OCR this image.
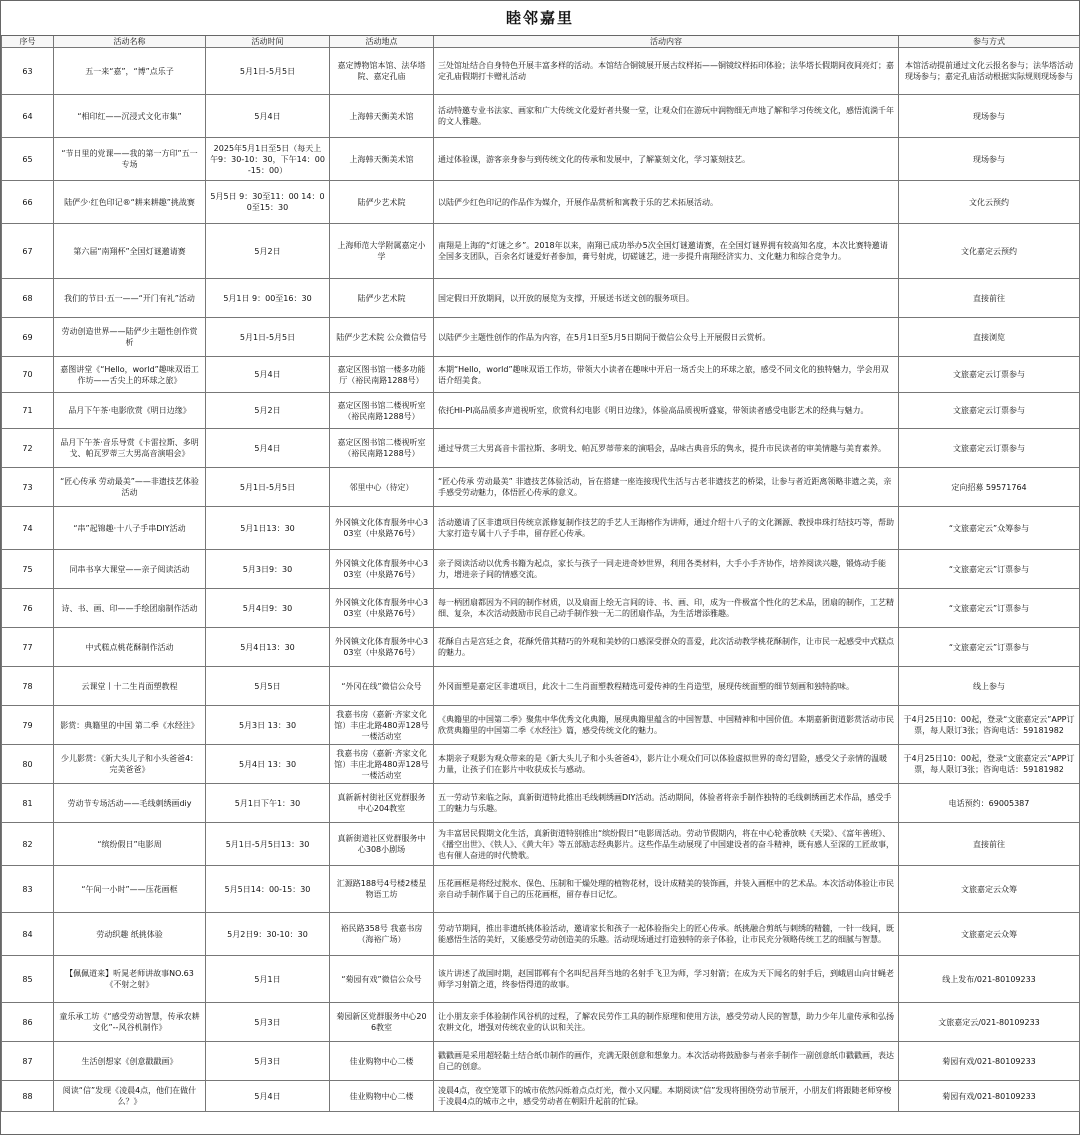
睦邻嘉里
序号	活动名称	活动时间	活动地点	活动内容	参与方式
63	五一来“嘉”，“博”点乐子	5月1日-5月5日	嘉定博物馆本馆、法华塔院、嘉定孔庙	三处馆址结合自身特色开展丰富多样的活动。本馆结合铜镜展开展古纹样拓——铜镜纹样拓印体验；法华塔长假期间夜间亮灯；嘉定孔庙假期打卡赠礼活动	本馆活动提前通过文化云报名参与；法华塔活动现场参与；嘉定孔庙活动根据实际规则现场参与
64	“相印红——沉浸式文化市集”	5月4日	上海韩天衡美术馆	活动特邀专业书法家、画家和广大传统文化爱好者共聚一堂，让观众们在游玩中润物细无声地了解和学习传统文化，感悟流淌千年的文人雅趣。	现场参与
65	“节日里的党课——我的第一方印”五一专场	2025年5月1日至5日（每天上午9：30-10：30，下午14：00-15：00）	上海韩天衡美术馆	通过体验课，游客亲身参与到传统文化的传承和发展中，了解篆刻文化，学习篆刻技艺。	现场参与
66	陆俨少·红色印记®“耕来耕趣”挑战赛	5月5日 9：30至11：00 14：00至15：30	陆俨少艺术院	以陆俨少红色印记的作品作为媒介，开展作品赏析和寓教于乐的艺术拓展活动。	文化云预约
67	第六届“南翔杯”全国灯谜邀请赛	5月2日	上海师范大学附属嘉定小学	南翔是上海的“灯谜之乡”。2018年以来，南翔已成功举办5次全国灯谜邀请赛，在全国灯谜界拥有较高知名度，本次比赛特邀请全国多支团队，百余名灯谜爱好者参加，膏号射虎，切磋谜艺，进一步提升南翔经济实力、文化魅力和综合竞争力。	文化嘉定云预约
68	我们的节日·五一——“开门有礼”活动	5月1日 9：00至16：30	陆俨少艺术院	国定假日开放期间，以开放的展览为支撑，开展送书送文创的服务项目。	直接前往
69	劳动创造世界——陆俨少主题性创作赏析	5月1日-5月5日	陆俨少艺术院 公众微信号	以陆俨少主题性创作的作品为内容，在5月1日至5月5日期间于微信公众号上开展假日云赏析。	直接浏览
70	嘉图讲堂《“Hello，world”趣味双语工作坊——舌尖上的环球之旅》	5月4日	嘉定区图书馆一楼多功能厅（裕民南路1288号）	本期“Hello，world”趣味双语工作坊，带领大小读者在趣味中开启一场舌尖上的环球之旅，感受不同文化的独特魅力，学会用双语介绍美食。	文旅嘉定云订票参与
71	品月下午茶·电影欣赏《明日边缘》	5月2日	嘉定区图书馆二楼视听室（裕民南路1288号）	依托HI-PI高品质多声道视听室，欣赏科幻电影《明日边缘》，体验高品质视听盛宴，带领读者感受电影艺术的经典与魅力。	文旅嘉定云订票参与
72	品月下午茶·音乐导赏《卡雷拉斯、多明戈、帕瓦罗蒂三大男高音演唱会》	5月4日	嘉定区图书馆二楼视听室（裕民南路1288号）	通过导赏三大男高音卡雷拉斯、多明戈、帕瓦罗蒂带来的演唱会，品味古典音乐的隽永，提升市民读者的审美情趣与美育素养。	文旅嘉定云订票参与
73	“匠心传承 劳动最美”——非遗技艺体验活动	5月1日-5月5日	邻里中心（待定）	“匠心传承 劳动最美” 非遗技艺体验活动，旨在搭建一座连接现代生活与古老非遗技艺的桥梁，让参与者近距离领略非遗之美，亲手感受劳动魅力，体悟匠心传承的意义。	定向招募 59571764
74	“串”起锦趣·十八子手串DIY活动	5月1日13：30	外冈镇文化体育服务中心303室（中泉路76号）	活动邀请了区非遗项目传统京派修复制作技艺的手艺人王海榕作为讲师，通过介绍十八子的文化渊源、教授串珠打结技巧等，帮助大家打造专属十八子手串，留存匠心传承。	“文旅嘉定云”众筹参与
75	同串书享大课堂——亲子阅读活动	5月3日9：30	外冈镇文化体育服务中心303室（中泉路76号）	亲子阅读活动以优秀书籍为起点，家长与孩子一同走进奇妙世界，利用各类材料，大手小手齐协作，培养阅读兴趣，锻炼动手能力，增进亲子间的情感交流。	“文旅嘉定云”订票参与
76	诗、书、画、印——手绘团扇制作活动	5月4日9：30	外冈镇文化体育服务中心303室（中泉路76号）	每一柄团扇都因为不同的制作材质，以及扇面上绘无言间的诗、书、画、印，成为一件极富个性化的艺术品，团扇的制作，工艺精细、复杂，本次活动鼓励市民自己动手制作独一无二的团扇作品，为生活增添雅趣。	“文旅嘉定云”订票参与
77	中式糕点桃花酥制作活动	5月4日13：30	外冈镇文化体育服务中心303室（中泉路76号）	花酥自古是宫廷之食，花酥凭借其精巧的外观和美妙的口感深受群众的喜爱，此次活动教学桃花酥制作，让市民一起感受中式糕点的魅力。	“文旅嘉定云”订票参与
78	云课堂丨十二生肖面塑教程	5月5日	“外冈在线”微信公众号	外冈面塑是嘉定区非遗项目，此次十二生肖面塑教程精选可爱传神的生肖造型，展现传统面塑的细节刻画和独特韵味。	线上参与
79	影赏：典籍里的中国 第二季《水经注》	5月3日 13：30	我嘉书房（嘉新·齐家文化馆）丰庄北路480弄128号一楼活动室	《典籍里的中国第二季》聚焦中华优秀文化典籍，展现典籍里蕴含的中国智慧、中国精神和中国价值。本期嘉新街道影赏活动市民欣赏典籍里的中国第二季《水经注》篇，感受传统文化的魅力。	于4月25日10：00起，登录“文旅嘉定云”APP订票，每人限订3张；咨询电话：59181982
80	少儿影赏：《新大头儿子和小头爸爸4：完美爸爸》	5月4日 13：30	我嘉书房（嘉新·齐家文化馆）丰庄北路480弄128号一楼活动室	本期亲子观影为观众带来的是《新大头儿子和小头爸爸4》，影片让小观众们可以体验虚拟世界的奇幻冒险，感受父子亲情的温暖力量，让孩子们在影片中收获成长与感动。	于4月25日10：00起，登录“文旅嘉定云”APP订票，每人限订3张；咨询电话：59181982
81	劳动节专场活动——毛线刺绣画diy	5月1日下午1：30	真新新村街社区党群服务中心204教室	五一劳动节来临之际，真新街道特此推出毛线刺绣画DIY活动。活动期间，体验者将亲手制作独特的毛线刺绣画艺术作品，感受手工的魅力与乐趣。	电话预约：69005387
82	“缤纷假日”电影周	5月1日-5月5日13：30	真新街道社区党群服务中心308小剧场	为丰富居民假期文化生活，真新街道特别推出“缤纷假日”电影周活动。劳动节假期内，将在中心轮番放映《天梁》、《富年善班》、《播空出世》、《铁人》、《黄大年》等五部励志经典影片。这些作品生动展现了中国建设者的奋斗精神，既有感人至深的工匠故事，也有催人奋进的时代赞歌。	直接前往
83	“午间一小时”——压花画框	5月5日14：00-15：30	汇源路188号4号楼2楼星物语工坊	压花画框是将经过脱水、保色、压制和干燥处理的植物花材，设计成精美的装饰画，并装入画框中的艺术品。本次活动体验让市民亲自动手制作属于自己的压花画框，留存春日记忆。	文旅嘉定云众筹
84	劳动织趣 纸挑体验	5月2日9：30-10：30	裕民路358号 我嘉书房（海裕广场）	劳动节期间，推出非遗纸挑体验活动，邀请家长和孩子一起体验指尖上的匠心传承。纸挑融合剪纸与刺绣的精髓，一针一线间，既能感悟生活的美好，又能感受劳动创造美的乐趣。活动现场通过打造独特的亲子体验，让市民充分领略传统工艺的细腻与智慧。	文旅嘉定云众筹
85	【佩佩道来】听晁老师讲故事NO.63《不射之射》	5月1日	“菊园有戏”微信公众号	该片讲述了战国时期，赵国邯郸有个名叫纪昌拜当地的名射手飞卫为师，学习射箭；在成为天下闻名的射手后，到峨眉山向甘蝇老师学习射箭之道，终参悟得道的故事。	线上发布/021-80109233
86	童乐承工坊《“感受劳动智慧，传承农耕文化”--风谷机制作》	5月3日	菊园新区党群服务中心206教室	让小朋友亲手体验制作风谷机的过程，了解农民劳作工具的制作原理和使用方法，感受劳动人民的智慧，助力少年儿童传承和弘扬农耕文化，增强对传统农业的认识和关注。	文旅嘉定云/021-80109233
87	生活创想家《创意戳戳画》	5月3日	佳业购物中心二楼	戳戳画是采用超轻黏土结合纸巾制作的画作，充满无限创意和想象力。本次活动将鼓励参与者亲手制作一副创意纸巾戳戳画，表达自己的创意。	菊园有戏/021-80109233
88	阅读“信”发现《凌晨4点，他们在做什么？》	5月4日	佳业购物中心二楼	凌晨4点，夜空笼罩下的城市依然闪烁着点点灯光，微小又闪耀。本期阅读“信”发现将围绕劳动节展开，小朋友们将跟随老师穿梭于凌晨4点的城市之中，感受劳动者在朝阳升起前的忙碌。	菊园有戏/021-80109233
